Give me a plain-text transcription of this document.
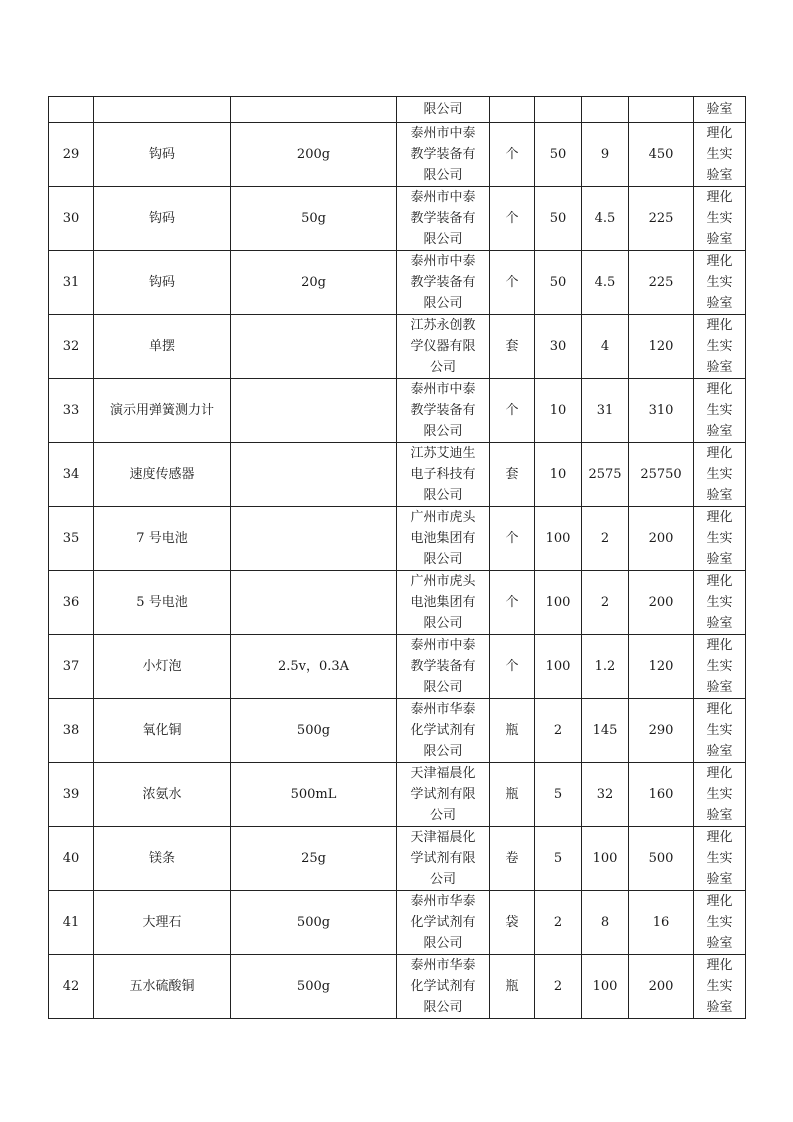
			限公司					验室
29	钩码	200g	泰州市中泰
教学装备有
限公司	个	50	9	450	理化
生实
验室
30	钩码	50g	泰州市中泰
教学装备有
限公司	个	50	4.5	225	理化
生实
验室
31	钩码	20g	泰州市中泰
教学装备有
限公司	个	50	4.5	225	理化
生实
验室
32	单摆		江苏永创教
学仪器有限
公司	套	30	4	120	理化
生实
验室
33	演示用弹簧测力计		泰州市中泰
教学装备有
限公司	个	10	31	310	理化
生实
验室
34	速度传感器		江苏艾迪生
电子科技有
限公司	套	10	2575	25750	理化
生实
验室
35	7 号电池		广州市虎头
电池集团有
限公司	个	100	2	200	理化
生实
验室
36	5 号电池		广州市虎头
电池集团有
限公司	个	100	2	200	理化
生实
验室
37	小灯泡	2.5v，0.3A	泰州市中泰
教学装备有
限公司	个	100	1.2	120	理化
生实
验室
38	氧化铜	500g	泰州市华泰
化学试剂有
限公司	瓶	2	145	290	理化
生实
验室
39	浓氨水	500mL	天津福晨化
学试剂有限
公司	瓶	5	32	160	理化
生实
验室
40	镁条	25g	天津福晨化
学试剂有限
公司	卷	5	100	500	理化
生实
验室
41	大理石	500g	泰州市华泰
化学试剂有
限公司	袋	2	8	16	理化
生实
验室
42	五水硫酸铜	500g	泰州市华泰
化学试剂有
限公司	瓶	2	100	200	理化
生实
验室
